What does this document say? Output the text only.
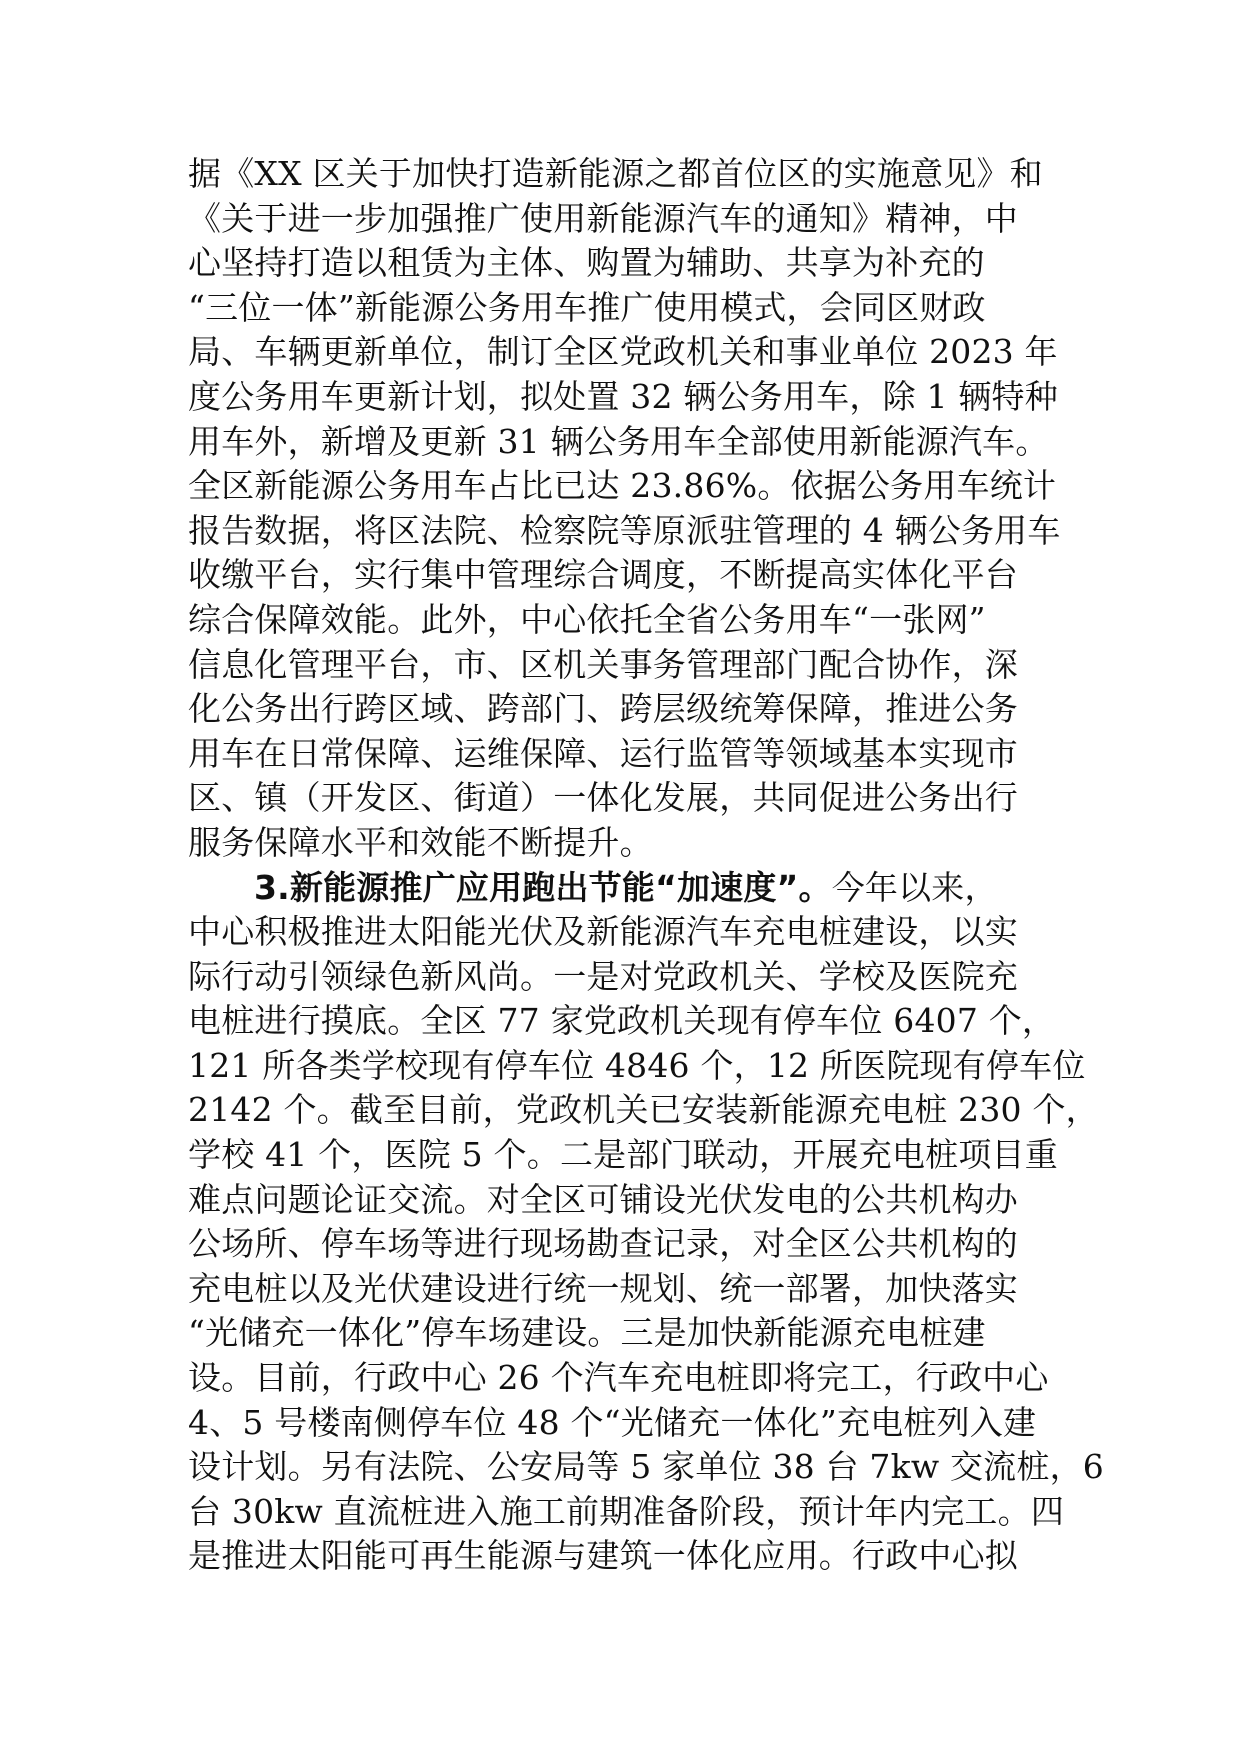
据《XX 区关于加快打造新能源之都首位区的实施意见》和
《关于进一步加强推广使用新能源汽车的通知》精神，中
心坚持打造以租赁为主体、购置为辅助、共享为补充的
“三位一体”新能源公务用车推广使用模式，会同区财政
局、车辆更新单位，制订全区党政机关和事业单位 2023 年
度公务用车更新计划，拟处置 32 辆公务用车，除 1 辆特种
用车外，新增及更新 31 辆公务用车全部使用新能源汽车。
全区新能源公务用车占比已达 23.86%。依据公务用车统计
报告数据，将区法院、检察院等原派驻管理的 4 辆公务用车
收缴平台，实行集中管理综合调度，不断提高实体化平台
综合保障效能。此外，中心依托全省公务用车“一张网”
信息化管理平台，市、区机关事务管理部门配合协作，深
化公务出行跨区域、跨部门、跨层级统筹保障，推进公务
用车在日常保障、运维保障、运行监管等领域基本实现市
区、镇（开发区、街道）一体化发展，共同促进公务出行
服务保障水平和效能不断提升。
3.新能源推广应用跑出节能“加速度”。今年以来，
中心积极推进太阳能光伏及新能源汽车充电桩建设，以实
际行动引领绿色新风尚。一是对党政机关、学校及医院充
电桩进行摸底。全区 77 家党政机关现有停车位 6407 个，
121 所各类学校现有停车位 4846 个，12 所医院现有停车位
2142 个。截至目前，党政机关已安装新能源充电桩 230 个，
学校 41 个，医院 5 个。二是部门联动，开展充电桩项目重
难点问题论证交流。对全区可铺设光伏发电的公共机构办
公场所、停车场等进行现场勘查记录，对全区公共机构的
充电桩以及光伏建设进行统一规划、统一部署，加快落实
“光储充一体化”停车场建设。三是加快新能源充电桩建
设。目前，行政中心 26 个汽车充电桩即将完工，行政中心
4、5 号楼南侧停车位 48 个“光储充一体化”充电桩列入建
设计划。另有法院、公安局等 5 家单位 38 台 7kw 交流桩，6
台 30kw 直流桩进入施工前期准备阶段，预计年内完工。四
是推进太阳能可再生能源与建筑一体化应用。行政中心拟
